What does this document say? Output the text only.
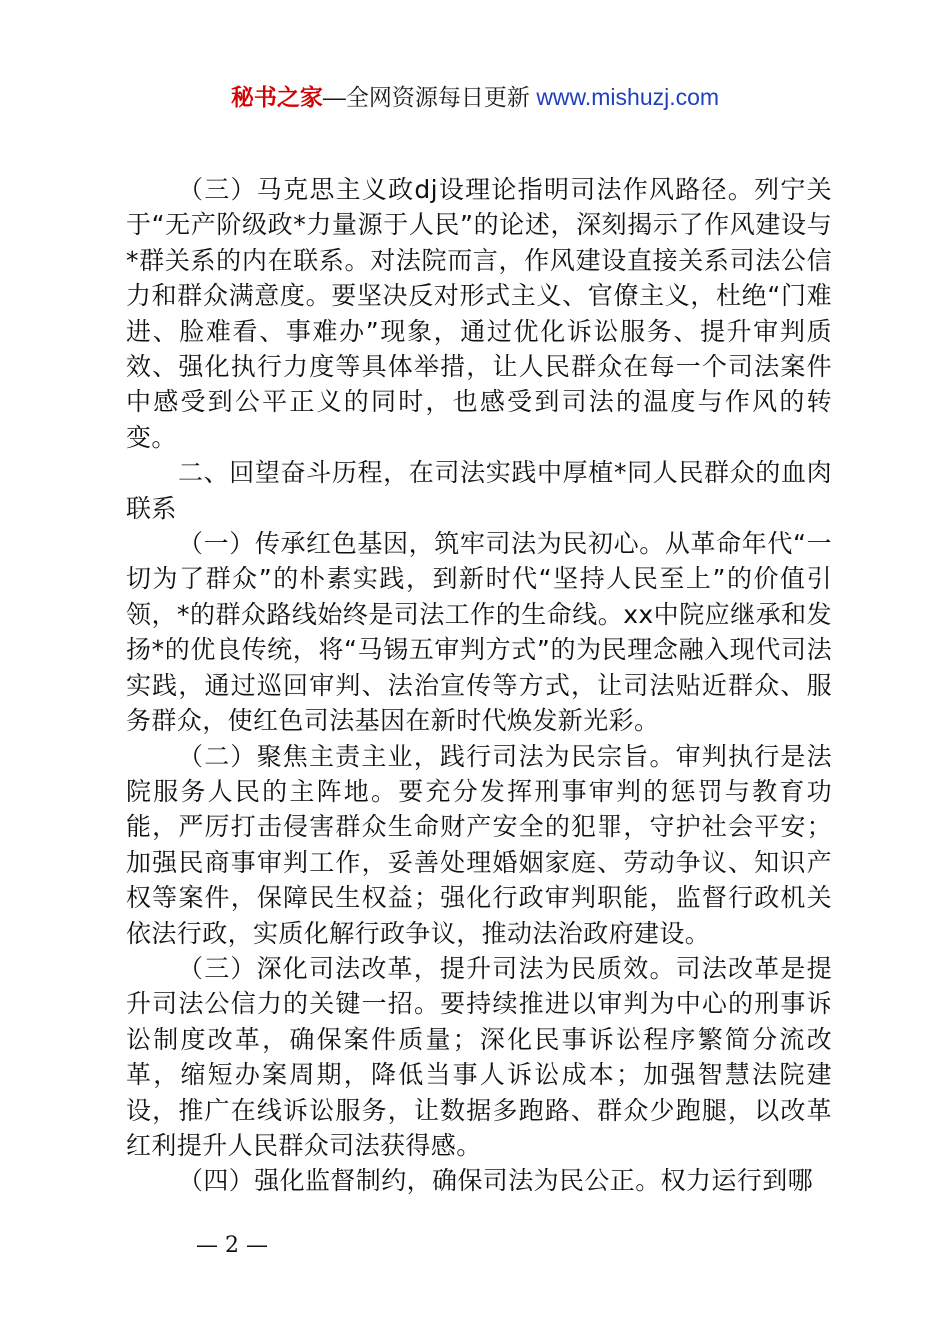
秘书之家—全网资源每日更新 www.mishuzj.com

（三）马克思主义政dj设理论指明司法作风路径。列宁关于“无产阶级政*力量源于人民”的论述，深刻揭示了作风建设与*群关系的内在联系。对法院而言，作风建设直接关系司法公信力和群众满意度。要坚决反对形式主义、官僚主义，杜绝“门难进、脸难看、事难办”现象，通过优化诉讼服务、提升审判质效、强化执行力度等具体举措，让人民群众在每一个司法案件中感受到公平正义的同时，也感受到司法的温度与作风的转变。

二、回望奋斗历程，在司法实践中厚植*同人民群众的血肉联系

（一）传承红色基因，筑牢司法为民初心。从革命年代“一切为了群众”的朴素实践，到新时代“坚持人民至上”的价值引领，*的群众路线始终是司法工作的生命线。xx中院应继承和发扬*的优良传统，将“马锡五审判方式”的为民理念融入现代司法实践，通过巡回审判、法治宣传等方式，让司法贴近群众、服务群众，使红色司法基因在新时代焕发新光彩。

（二）聚焦主责主业，践行司法为民宗旨。审判执行是法院服务人民的主阵地。要充分发挥刑事审判的惩罚与教育功能，严厉打击侵害群众生命财产安全的犯罪，守护社会平安；加强民商事审判工作，妥善处理婚姻家庭、劳动争议、知识产权等案件，保障民生权益；强化行政审判职能，监督行政机关依法行政，实质化解行政争议，推动法治政府建设。

（三）深化司法改革，提升司法为民质效。司法改革是提升司法公信力的关键一招。要持续推进以审判为中心的刑事诉讼制度改革，确保案件质量；深化民事诉讼程序繁简分流改革，缩短办案周期，降低当事人诉讼成本；加强智慧法院建设，推广在线诉讼服务，让数据多跑路、群众少跑腿，以改革红利提升人民群众司法获得感。

（四）强化监督制约，确保司法为民公正。权力运行到哪

— 2 —
